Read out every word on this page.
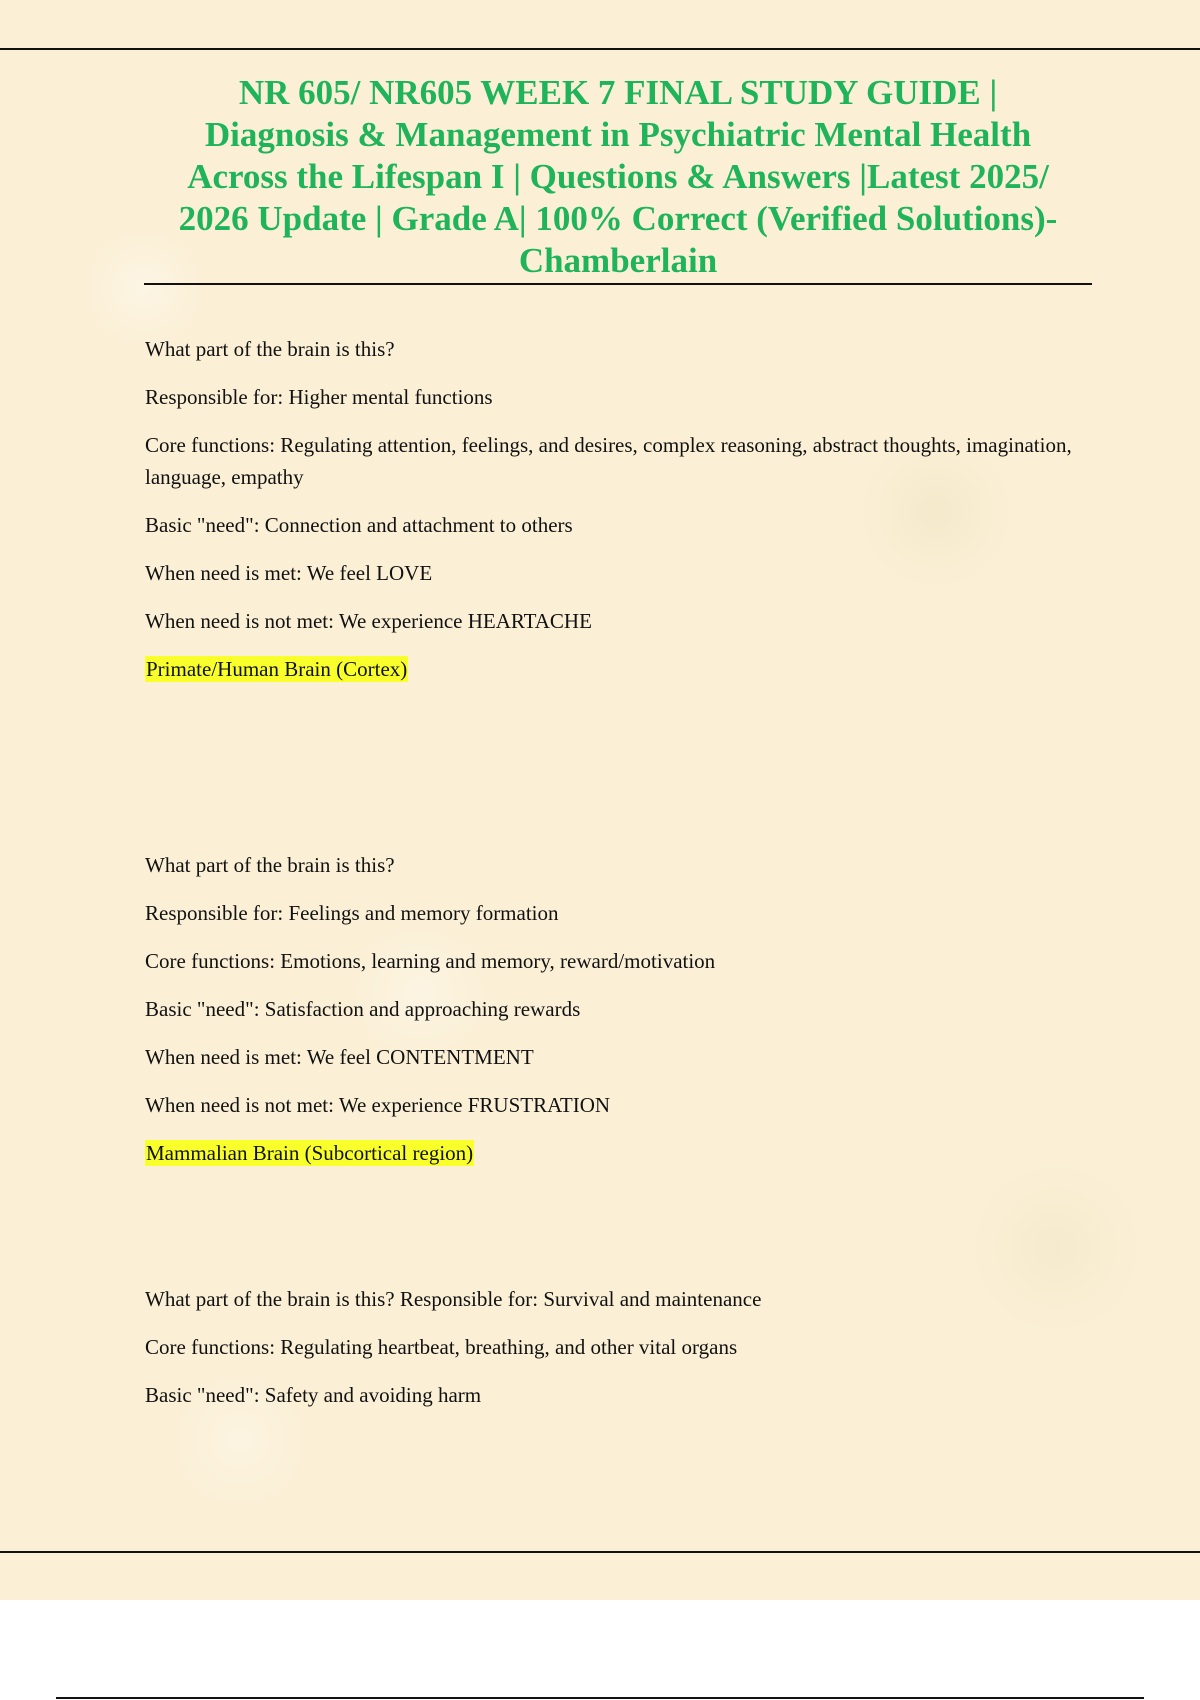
NR 605/ NR605 WEEK 7 FINAL STUDY GUIDE |
Diagnosis & Management in Psychiatric Mental Health
Across the Lifespan I | Questions & Answers |Latest 2025/
2026 Update | Grade A| 100% Correct (Verified Solutions)-
Chamberlain

What part of the brain is this?

Responsible for: Higher mental functions

Core functions: Regulating attention, feelings, and desires, complex reasoning, abstract thoughts, imagination, language, empathy

Basic "need": Connection and attachment to others

When need is met: We feel LOVE

When need is not met: We experience HEARTACHE

Primate/Human Brain (Cortex)

What part of the brain is this?

Responsible for: Feelings and memory formation

Core functions: Emotions, learning and memory, reward/motivation

Basic "need": Satisfaction and approaching rewards

When need is met: We feel CONTENTMENT

When need is not met: We experience FRUSTRATION

Mammalian Brain (Subcortical region)

What part of the brain is this? Responsible for: Survival and maintenance

Core functions: Regulating heartbeat, breathing, and other vital organs

Basic "need": Safety and avoiding harm
